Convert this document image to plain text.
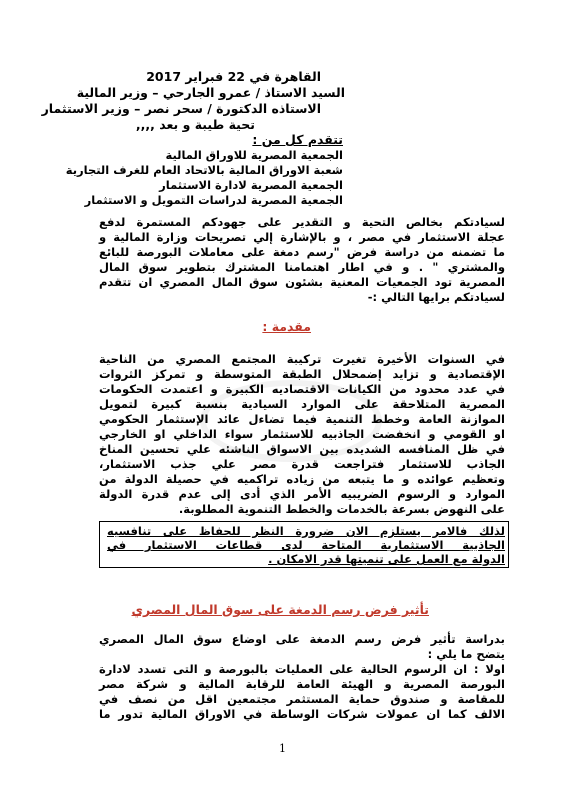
القاهرة في 22 فبراير 2017
السيد الاستاذ / عمرو الجارحي – وزير المالية
الاستاذه الدكتورة / سحر نصر – وزير الاستثمار
تحية طيبة و بعد ,,,,
تتقدم كل من :
الجمعية المصرية للاوراق المالية
شعبة الاوراق المالية بالاتحاد العام للغرف التجارية
الجمعية المصرية لادارة الاستثمار
الجمعية المصرية لدراسات التمويل و الاستثمار
لسيادتكم بخالص التحية و التقدير على جهودكم المستمرة لدفع
عجلة الاستثمار في مصر ، و بالإشارة إلي تصريحات وزارة المالية و
ما تضمنه من دراسة فرض "رسم دمغة على معاملات البورصة للبائع
والمشتري " . و في اطار اهتمامنا المشترك بتطوير سوق المال
المصرية تود الجمعيات المعنية بشئون سوق المال المصري ان تتقدم
لسيادتكم برايها التالي :-
مقدمة :
في السنوات الأخيرة تغيرت تركيبة المجتمع المصري من الناحية
الإقتصادية و تزايد إضمحلال الطبقة المتوسطة و تمركز الثروات
في عدد محدود من الكيانات الاقتصاديه الكبيرة و اعتمدت الحكومات
المصرية المتلاحقة على الموارد السيادية بنسبة كبيرة لتمويل
الموازنة العامة وخطط التنمية فيما تضاءل عائد الإستثمار الحكومي
او القومي و انخفضت الجاذبيه للاستثمار سواء الداخلي او الخارجي
في ظل المنافسه الشديده بين الاسواق الناشئه علي تحسين المناخ
الجاذب للاستثمار فتراجعت قدرة مصر علي جذب الاستثمار،
وتعظيم عوائده و ما يتبعه من زياده تراكميه في حصيلة الدولة من
الموارد و الرسوم الضريبيه الأمر الذي أدى إلى عدم قدرة الدولة
على النهوض بسرعة بالخدمات والخطط التنموية المطلوبة.
لذلك فالامر يستلزم الان ضرورة النظر للحفاظ على تنافسيه
الجاذبية الاستثمارية المتاحة لدى قطاعات الاستثمار في
الدولة مع العمل على تنميتها قدر الامكان .
تأثير فرض رسم الدمغة على سوق المال المصري
بدراسة تأثير فرض رسم الدمغة على اوضاع سوق المال المصري
يتضح ما يلي :
اولا : ان الرسوم الحالية على العمليات بالبورصة و التى تسدد لادارة
البورصة المصرية و الهيئة العامة للرقابة المالية و شركة مصر
للمقاصة و صندوق حماية المستثمر مجتمعين اقل من نصف في
الالف كما ان عمولات شركات الوساطة في الاوراق المالية تدور ما
1
